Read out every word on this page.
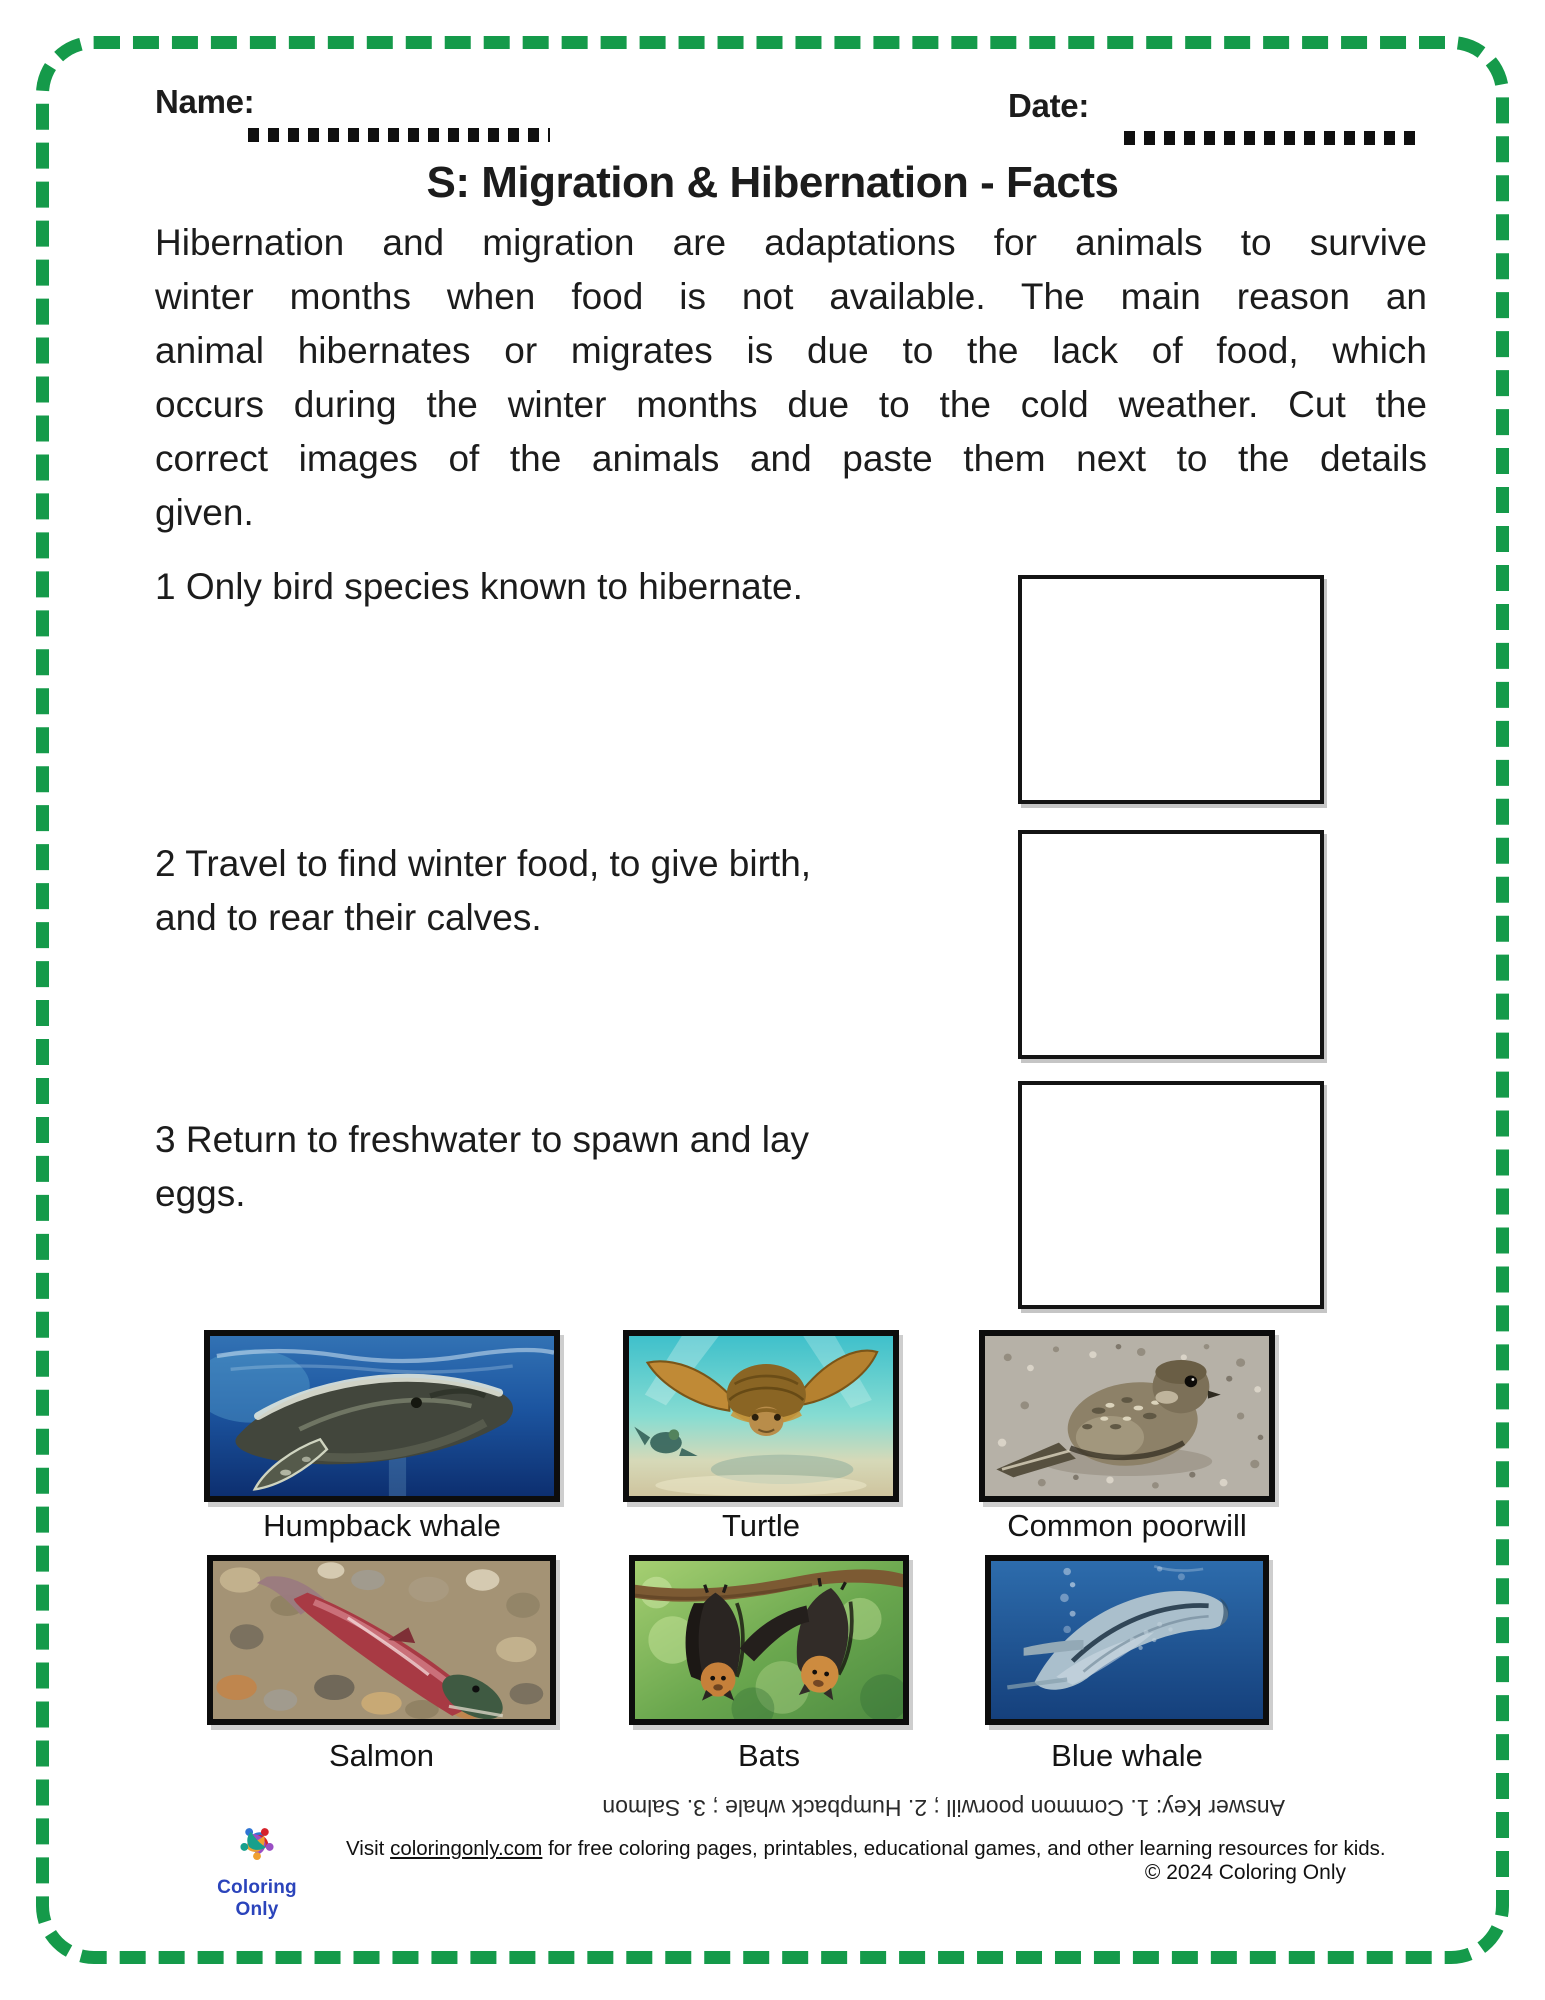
Name:	Date:
S: Migration & Hibernation - Facts
Hibernation and migration are adaptations for animals to survive
winter months when food is not available. The main reason an
animal hibernates or migrates is due to the lack of food, which
occurs during the winter months due to the cold weather. Cut the
correct images of the animals and paste them next to the details
given.
1 Only bird species known to hibernate.
2 Travel to find winter food, to give birth,
and to rear their calves.
3 Return to freshwater to spawn and lay
eggs.
Humpback whale	Turtle	Common poorwill
Salmon	Bats	Blue whale
Answer Key: 1. Common poorwill ; 2. Humpback whale ; 3. Salmon
Visit coloringonly.com for free coloring pages, printables, educational games, and other learning resources for kids.
© 2024 Coloring Only
Coloring Only
